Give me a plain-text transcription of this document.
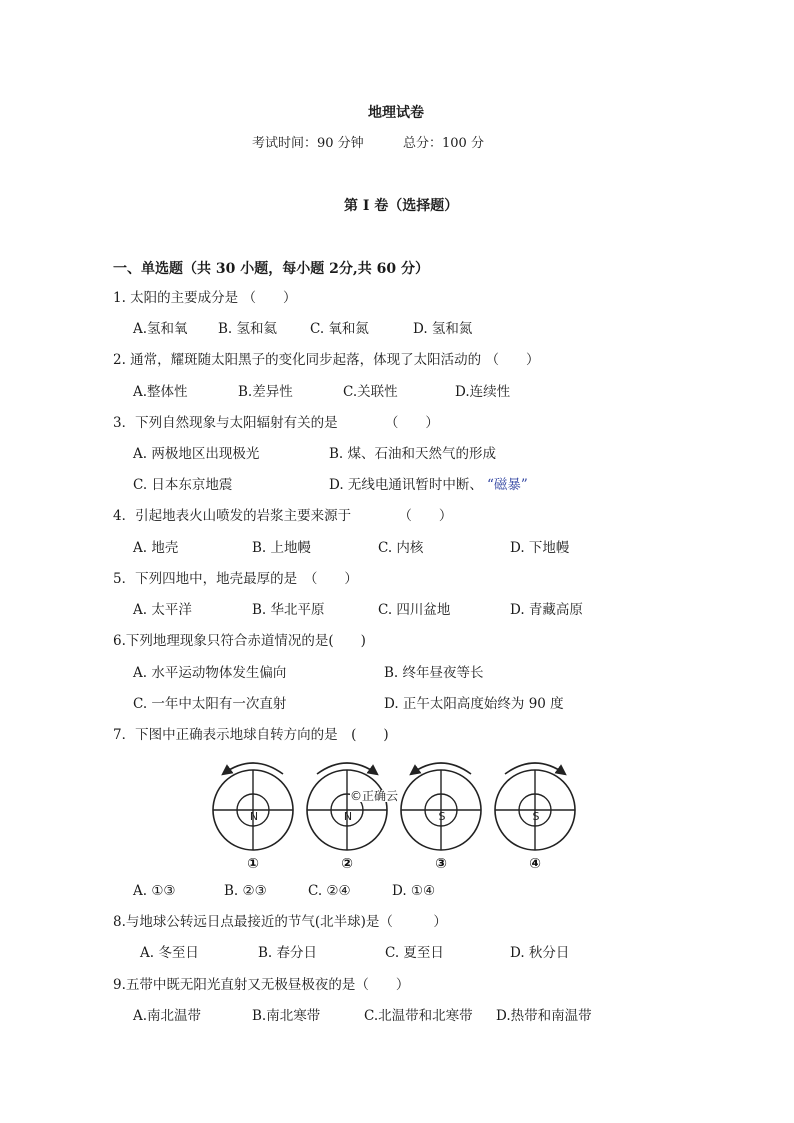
地理试卷
考试时间：90 分钟	总分：100 分
第 I 卷（选择题）
一、单选题（共 30 小题，每小题 2分,共 60 分）
1. 太阳的主要成分是 （　　）
A.氢和氧 B. 氢和氦 C. 氧和氮	D. 氢和氮
2. 通常，耀斑随太阳黑子的变化同步起落，体现了太阳活动的 （　　）
A.整体性	B.差异性	C.关联性	D.连续性
3．下列自然现象与太阳辐射有关的是　　　　（　　）
A. 两极地区出现极光	B. 煤、石油和天然气的形成
C. 日本东京地震	D. 无线电通讯暂时中断、 “磁暴”
4．引起地表火山喷发的岩浆主要来源于　　　　（　　）
A. 地壳	B. 上地幔	C. 内核	D. 下地幔
5．下列四地中，地壳最厚的是　（　　）
A. 太平洋	B. 华北平原	C. 四川盆地	D. 青藏高原
6.下列地理现象只符合赤道情况的是(　　)
A. 水平运动物体发生偏向	B. 终年昼夜等长
C. 一年中太阳有一次直射	D. 正午太阳高度始终为 90 度
7．下图中正确表示地球自转方向的是　(　　)
N
①
N
②
S
③
S
④
©正确云
A. ①③	B. ②③	C. ②④	D. ①④
8.与地球公转远日点最接近的节气(北半球)是（　　　）
A. 冬至日	B. 春分日	C. 夏至日	D. 秋分日
9.五带中既无阳光直射又无极昼极夜的是（　　）
A.南北温带	B.南北寒带	C.北温带和北寒带 D.热带和南温带
